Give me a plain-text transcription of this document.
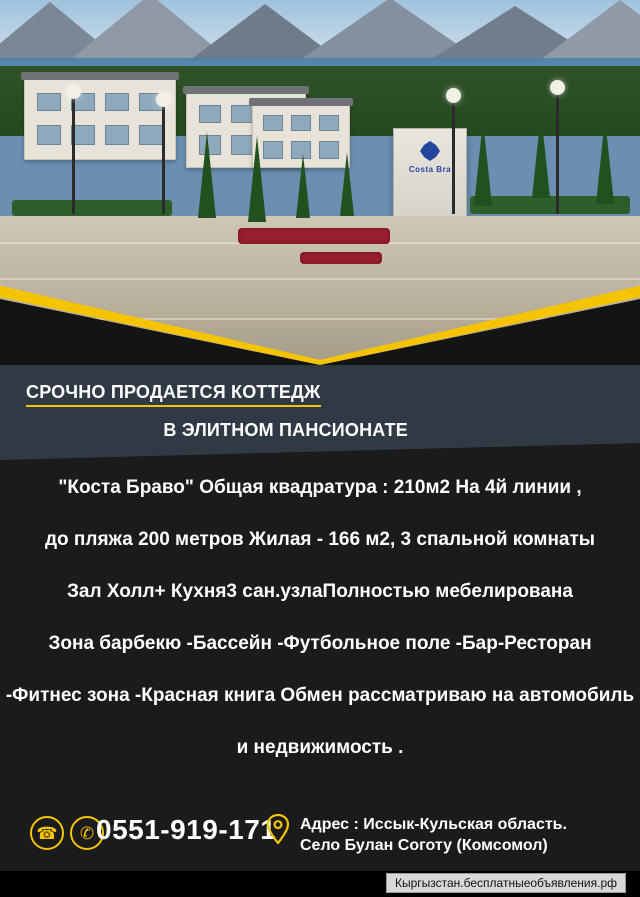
Costa Bra
СРОЧНО ПРОДАЕТСЯ КОТТЕДЖ
В ЭЛИТНОМ ПАНСИОНАТЕ
"Коста Браво" Общая квадратура : 210м2 На 4й линии ,
до пляжа 200 метров Жилая - 166 м2, 3 спальной комнаты
Зал Холл+ Кухня3 сан.узлаПолностью мебелирована
Зона барбекю -Бассейн -Футбольное поле -Бар-Ресторан
-Фитнес зона -Красная книга Обмен рассматриваю на автомобиль
и недвижимость .
☎	✆ 0551-919-171 Адрес : Иссык-Кульская область.
Село Булан Соготу (Комсомол)
Кыргызстан.бесплатныеобъявления.рф
